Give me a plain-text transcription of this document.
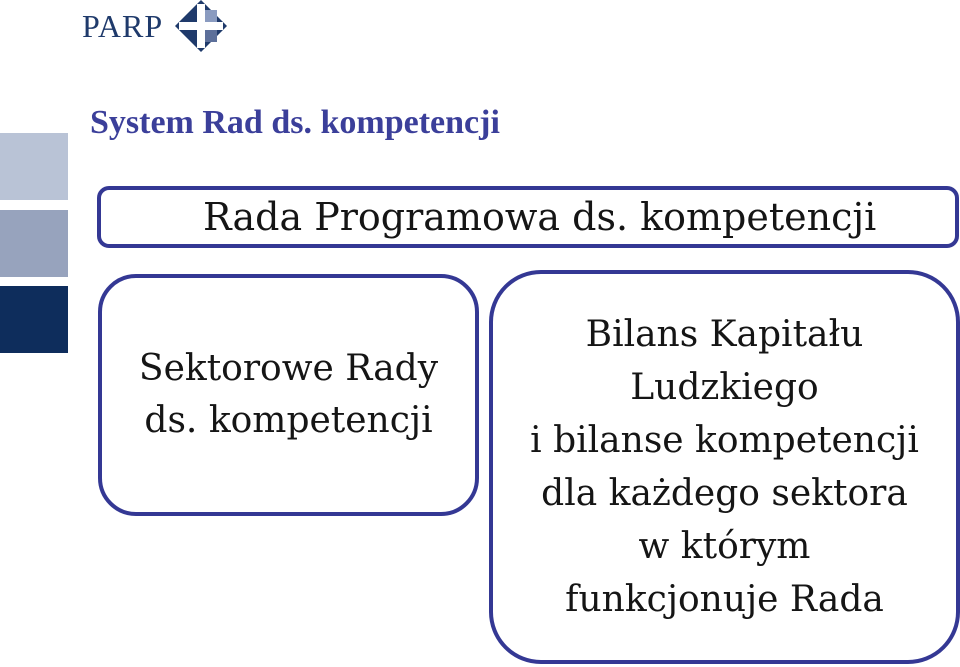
PARP
System Rad ds. kompetencji
Rada Programowa ds. kompetencji
Sektorowe Rady
ds. kompetencji
Bilans Kapitału
Ludzkiego
i bilanse kompetencji
dla każdego sektora
w którym
funkcjonuje Rada
